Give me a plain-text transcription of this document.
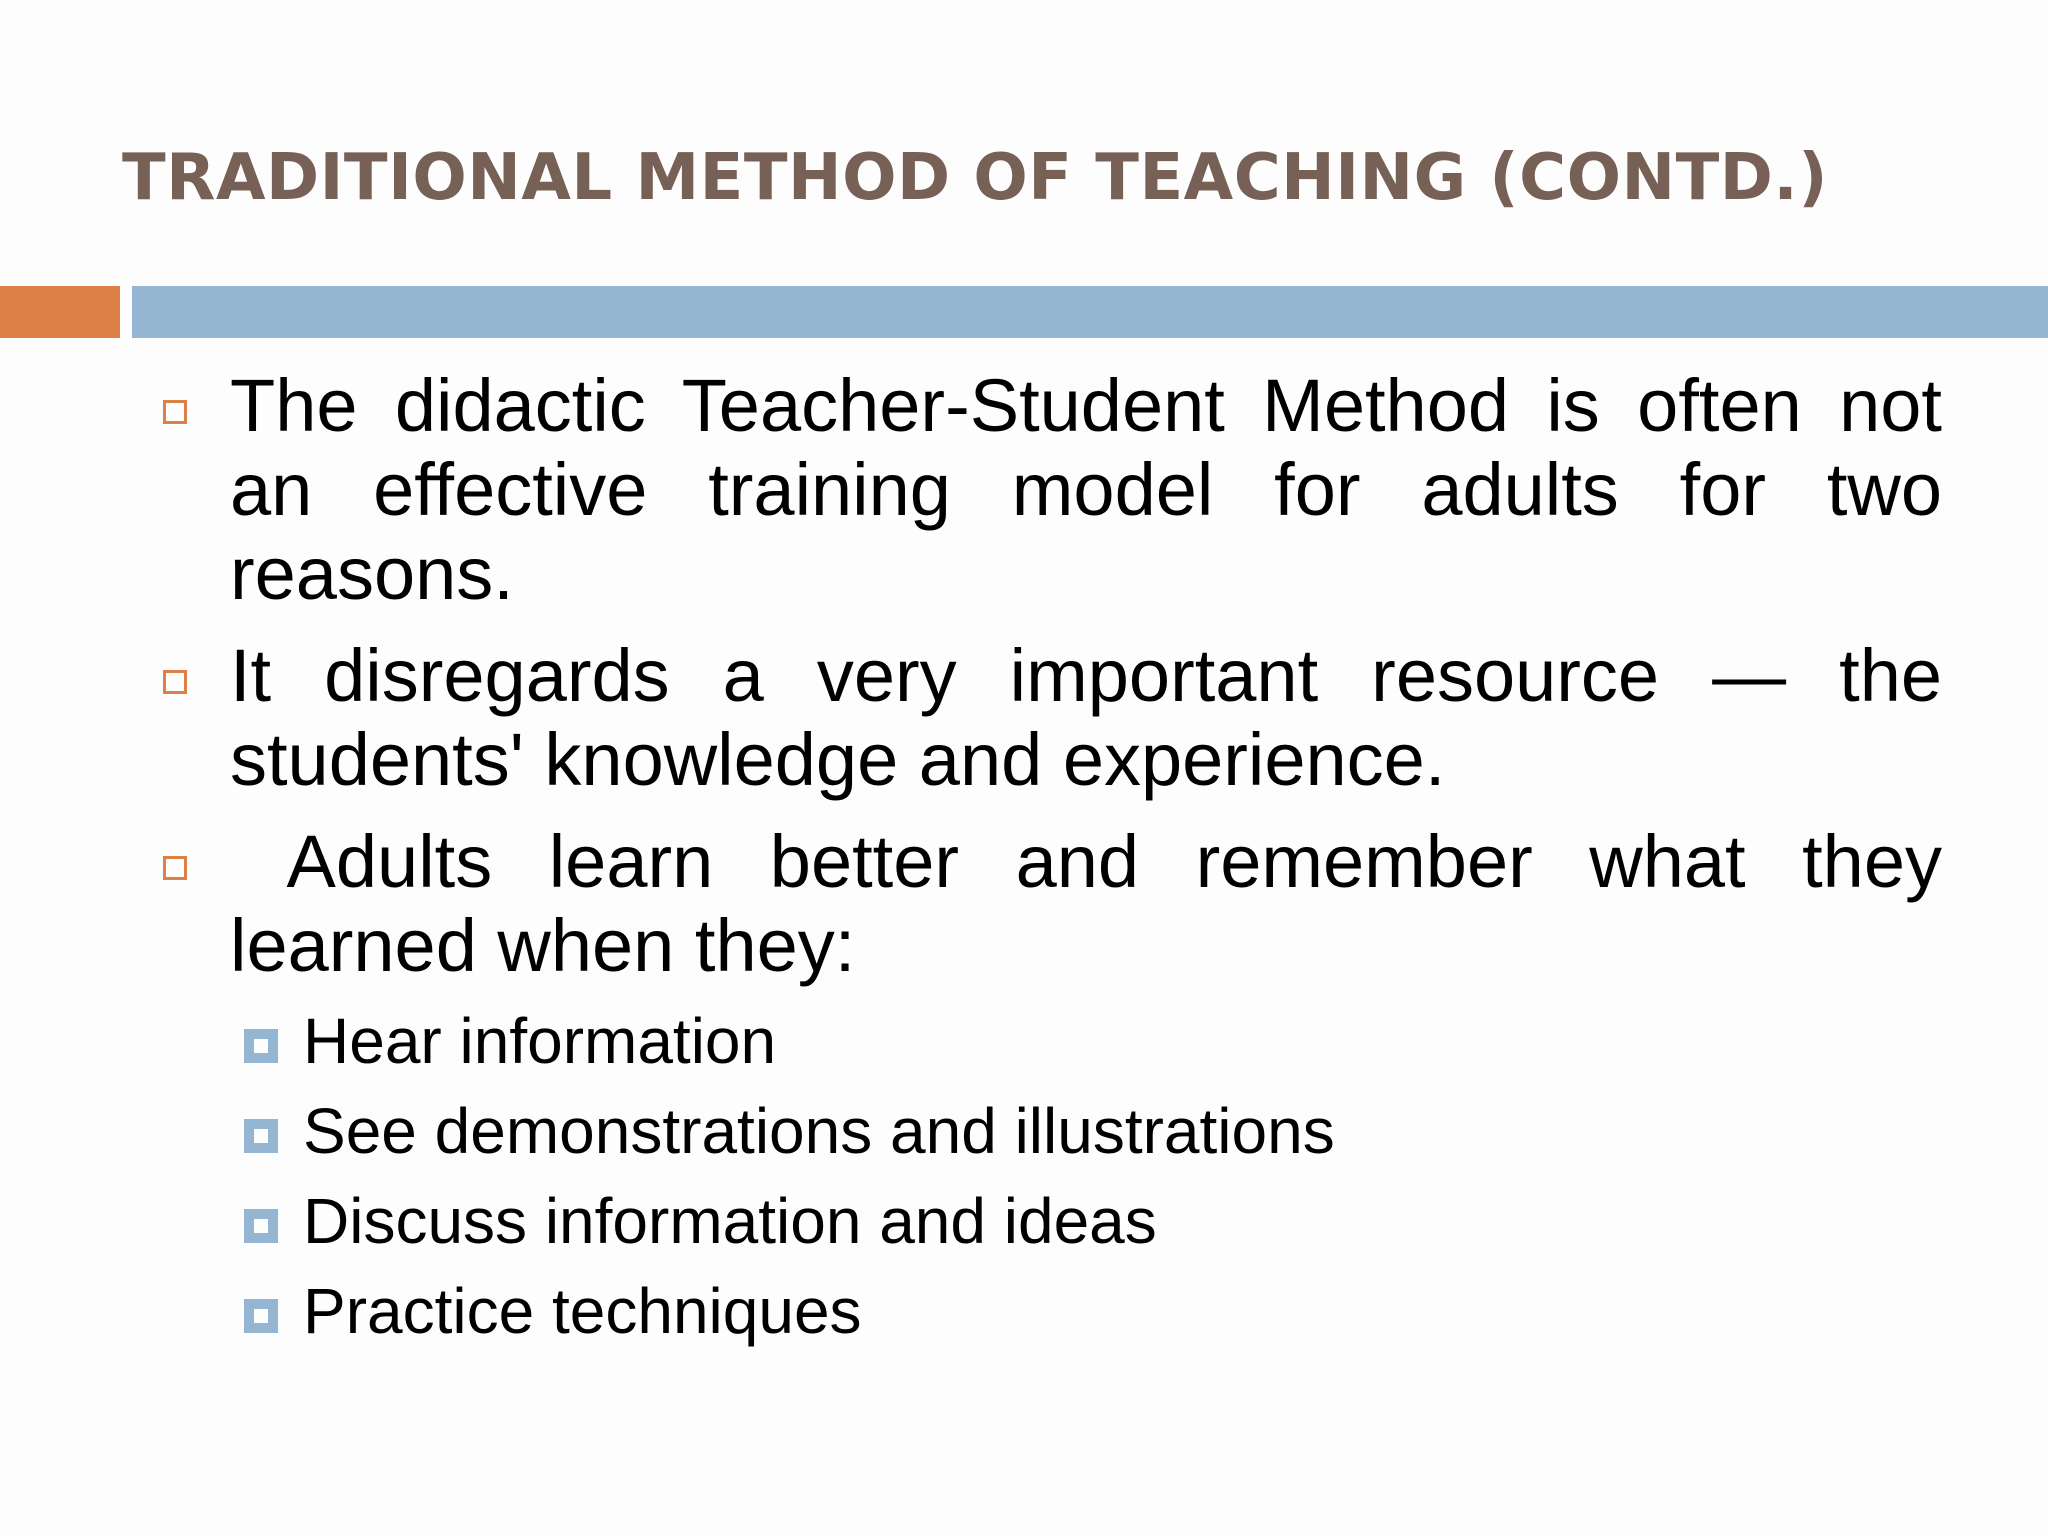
TRADITIONAL METHOD OF TEACHING (CONTD.)
The didactic Teacher-Student Method is often not an effective training model for adults for two reasons.
It disregards a very important resource — the students' knowledge and experience.
Adults learn better and remember what they learned when they:
Hear information
See demonstrations and illustrations
Discuss information and ideas
Practice techniques
